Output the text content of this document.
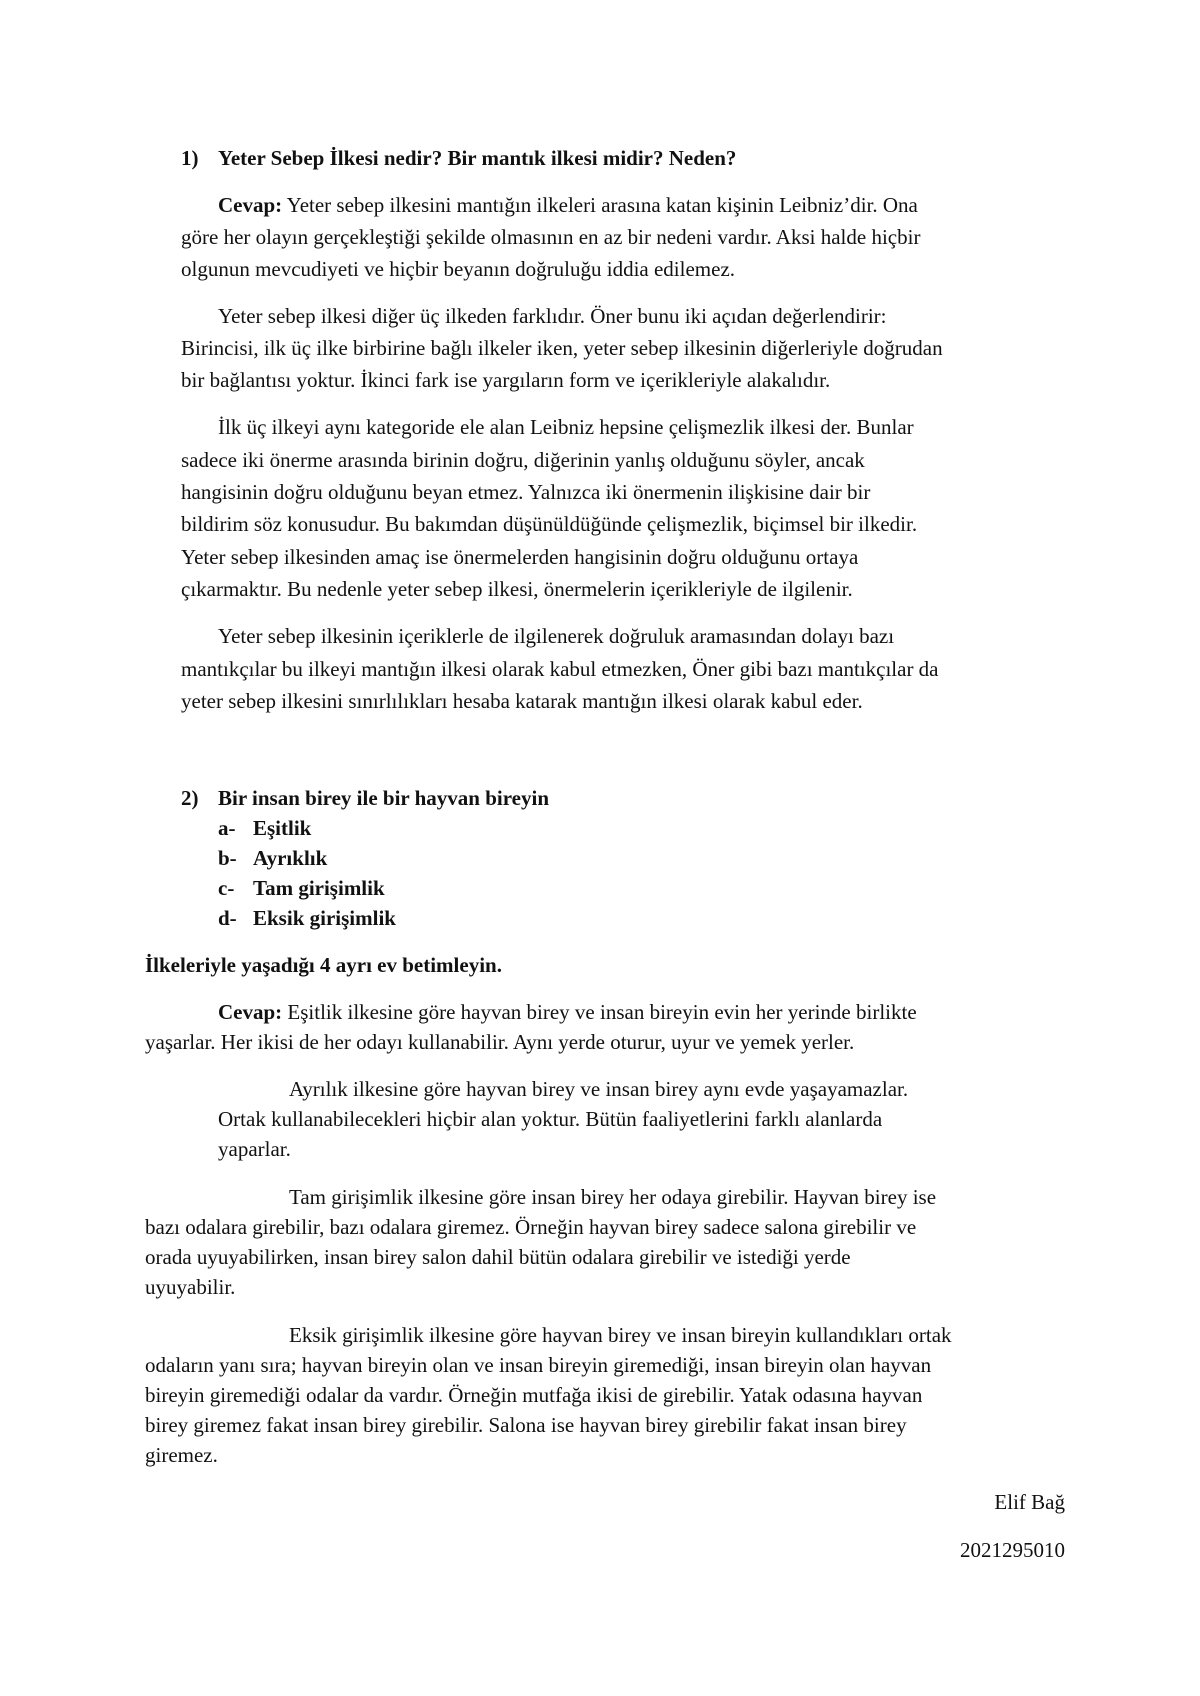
1) Yeter Sebep İlkesi nedir? Bir mantık ilkesi midir? Neden?
Cevap: Yeter sebep ilkesini mantığın ilkeleri arasına katan kişinin Leibniz’dir. Ona
göre her olayın gerçekleştiği şekilde olmasının en az bir nedeni vardır. Aksi halde hiçbir
olgunun mevcudiyeti ve hiçbir beyanın doğruluğu iddia edilemez.
Yeter sebep ilkesi diğer üç ilkeden farklıdır. Öner bunu iki açıdan değerlendirir:
Birincisi, ilk üç ilke birbirine bağlı ilkeler iken, yeter sebep ilkesinin diğerleriyle doğrudan
bir bağlantısı yoktur. İkinci fark ise yargıların form ve içerikleriyle alakalıdır.
İlk üç ilkeyi aynı kategoride ele alan Leibniz hepsine çelişmezlik ilkesi der. Bunlar
sadece iki önerme arasında birinin doğru, diğerinin yanlış olduğunu söyler, ancak
hangisinin doğru olduğunu beyan etmez. Yalnızca iki önermenin ilişkisine dair bir
bildirim söz konusudur. Bu bakımdan düşünüldüğünde çelişmezlik, biçimsel bir ilkedir.
Yeter sebep ilkesinden amaç ise önermelerden hangisinin doğru olduğunu ortaya
çıkarmaktır. Bu nedenle yeter sebep ilkesi, önermelerin içerikleriyle de ilgilenir.
Yeter sebep ilkesinin içeriklerle de ilgilenerek doğruluk aramasından dolayı bazı
mantıkçılar bu ilkeyi mantığın ilkesi olarak kabul etmezken, Öner gibi bazı mantıkçılar da
yeter sebep ilkesini sınırlılıkları hesaba katarak mantığın ilkesi olarak kabul eder.
2) Bir insan birey ile bir hayvan bireyin
a- Eşitlik
b- Ayrıklık
c- Tam girişimlik
d- Eksik girişimlik
İlkeleriyle yaşadığı 4 ayrı ev betimleyin.
Cevap: Eşitlik ilkesine göre hayvan birey ve insan bireyin evin her yerinde birlikte
yaşarlar. Her ikisi de her odayı kullanabilir. Aynı yerde oturur, uyur ve yemek yerler.
Ayrılık ilkesine göre hayvan birey ve insan birey aynı evde yaşayamazlar.
Ortak kullanabilecekleri hiçbir alan yoktur. Bütün faaliyetlerini farklı alanlarda
yaparlar.
Tam girişimlik ilkesine göre insan birey her odaya girebilir. Hayvan birey ise
bazı odalara girebilir, bazı odalara giremez. Örneğin hayvan birey sadece salona girebilir ve
orada uyuyabilirken, insan birey salon dahil bütün odalara girebilir ve istediği yerde
uyuyabilir.
Eksik girişimlik ilkesine göre hayvan birey ve insan bireyin kullandıkları ortak
odaların yanı sıra; hayvan bireyin olan ve insan bireyin giremediği, insan bireyin olan hayvan
bireyin giremediği odalar da vardır. Örneğin mutfağa ikisi de girebilir. Yatak odasına hayvan
birey giremez fakat insan birey girebilir. Salona ise hayvan birey girebilir fakat insan birey
giremez.
Elif Bağ
2021295010
